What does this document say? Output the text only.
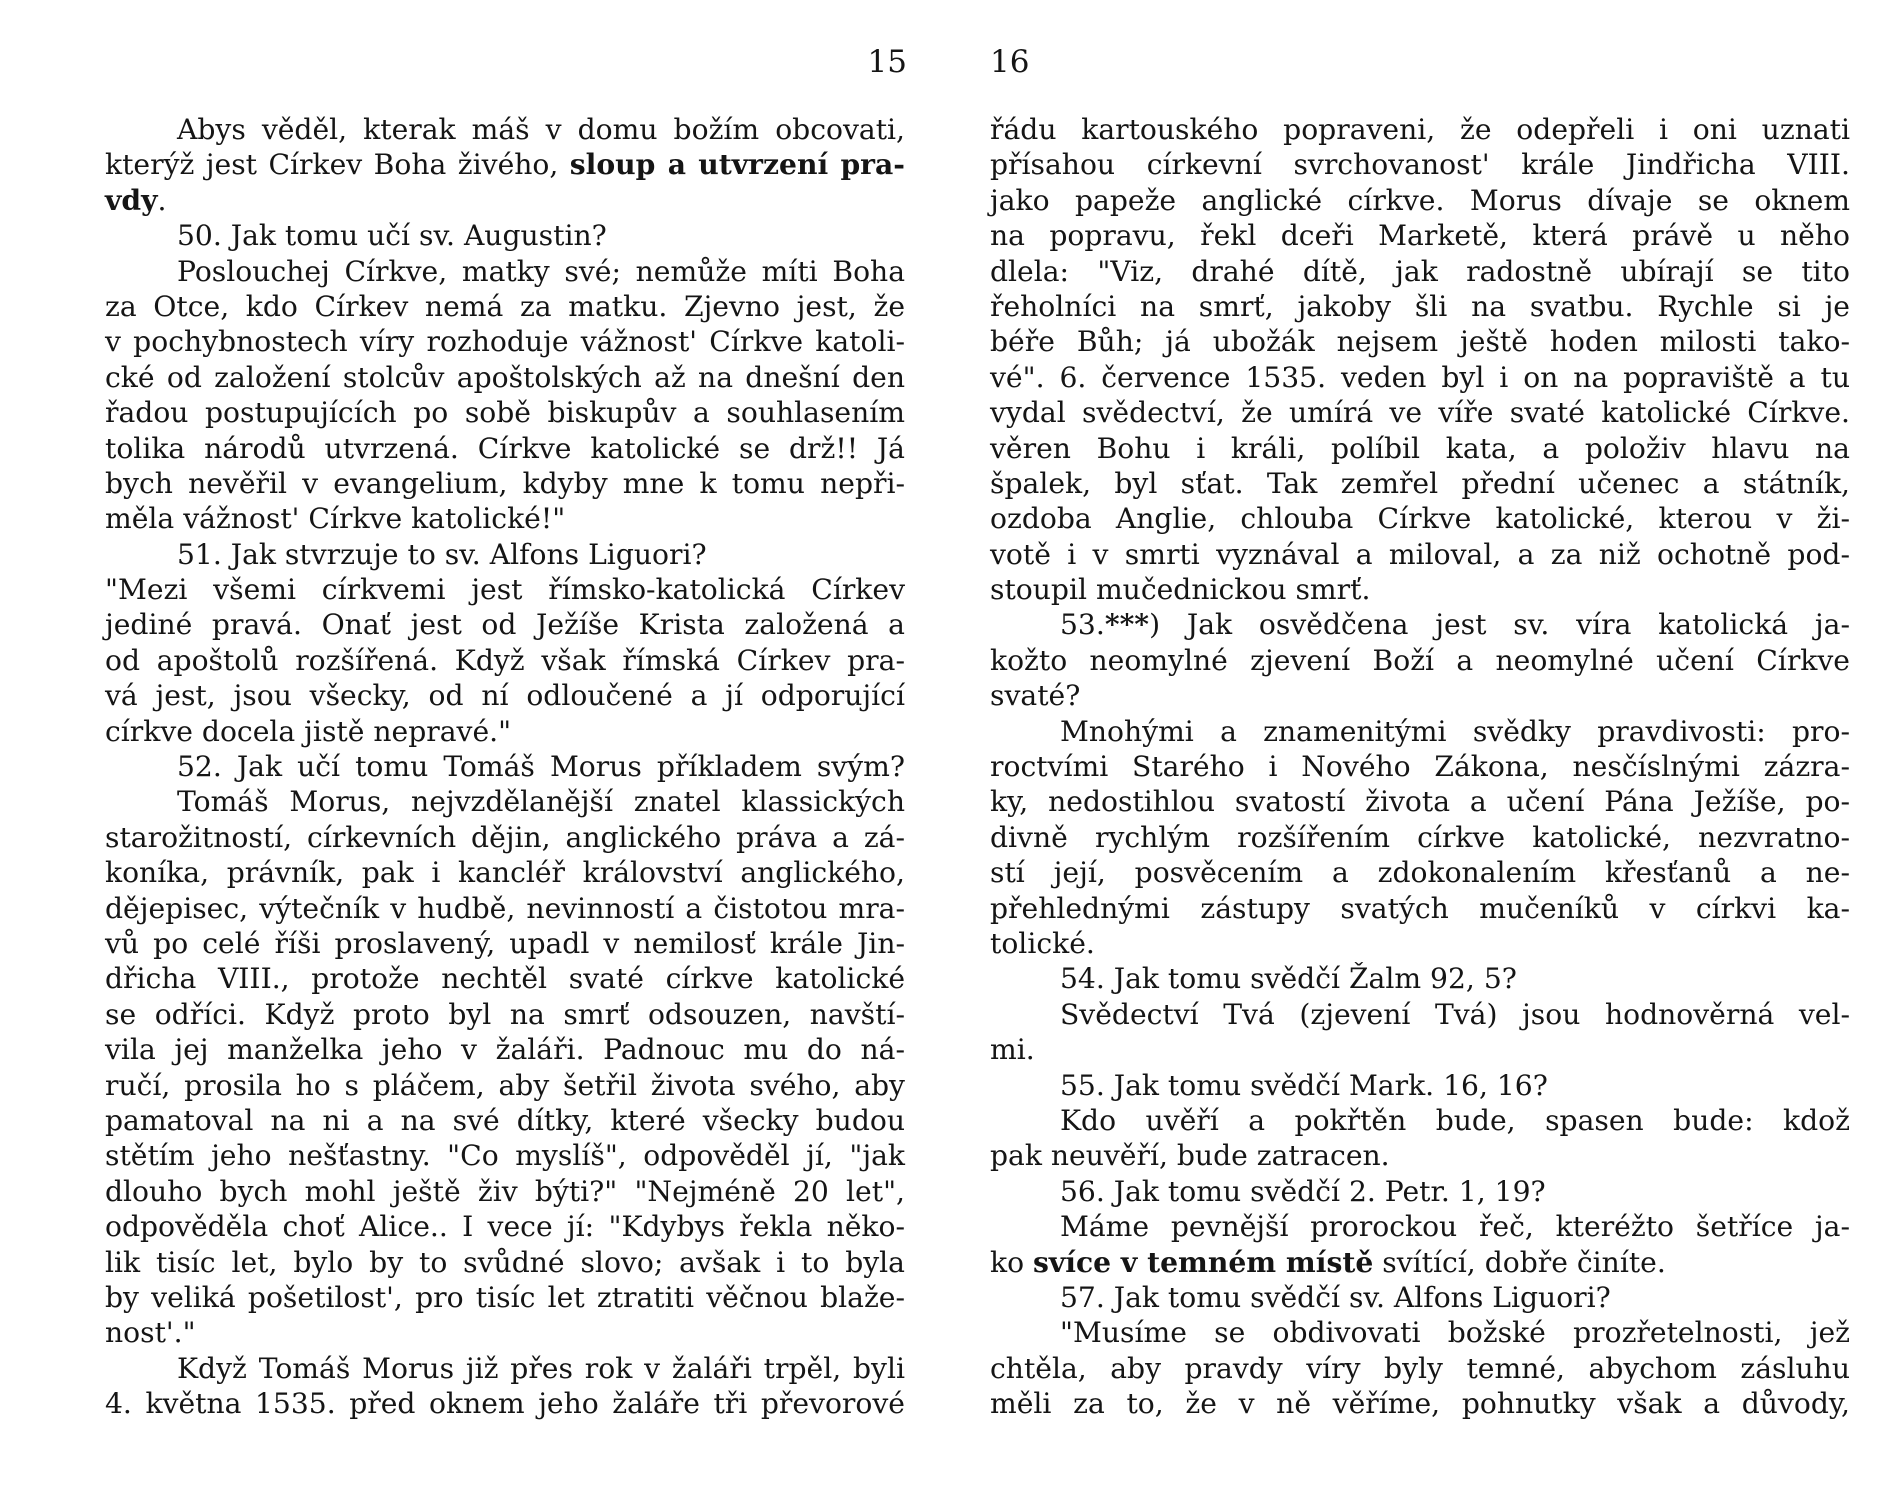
15
Abys věděl, kterak máš v domu božím obcovati,
kterýž jest Církev Boha živého, sloup a utvrzení pra-
vdy.
50. Jak tomu učí sv. Augustin?
Poslouchej Církve, matky své; nemůže míti Boha
za Otce, kdo Církev nemá za matku. Zjevno jest, že
v pochybnostech víry rozhoduje vážnost' Církve katoli-
cké od založení stolcův apoštolských až na dnešní den
řadou postupujících po sobě biskupův a souhlasením
tolika národů utvrzená. Církve katolické se drž!! Já
bych nevěřil v evangelium, kdyby mne k tomu nepři-
měla vážnost' Církve katolické!"
51. Jak stvrzuje to sv. Alfons Liguori?
"Mezi všemi církvemi jest římsko-katolická Církev
jediné pravá. Onať jest od Ježíše Krista založená a
od apoštolů rozšířená. Když však římská Církev pra-
vá jest, jsou všecky, od ní odloučené a jí odporující
církve docela jistě nepravé."
52. Jak učí tomu Tomáš Morus příkladem svým?
Tomáš Morus, nejvzdělanější znatel klassických
starožitností, církevních dějin, anglického práva a zá-
koníka, právník, pak i kancléř království anglického,
dějepisec, výtečník v hudbě, nevinností a čistotou mra-
vů po celé říši proslavený, upadl v nemilosť krále Jin-
dřicha VIII., protože nechtěl svaté církve katolické
se odříci. Když proto byl na smrť odsouzen, navští-
vila jej manželka jeho v žaláři. Padnouc mu do ná-
ručí, prosila ho s pláčem, aby šetřil života svého, aby
pamatoval na ni a na své dítky, které všecky budou
stětím jeho nešťastny. "Co myslíš", odpověděl jí, "jak
dlouho bych mohl ještě živ býti?" "Nejméně 20 let",
odpověděla choť Alice.. I vece jí: "Kdybys řekla něko-
lik tisíc let, bylo by to svůdné slovo; avšak i to byla
by veliká pošetilost', pro tisíc let ztratiti věčnou blaže-
nost'."
Když Tomáš Morus již přes rok v žaláři trpěl, byli
4. května 1535. před oknem jeho žaláře tři převorové
16
řádu kartouského popraveni, že odepřeli i oni uznati
přísahou církevní svrchovanost' krále Jindřicha VIII.
jako papeže anglické církve. Morus dívaje se oknem
na popravu, řekl dceři Marketě, která právě u něho
dlela: "Viz, drahé dítě, jak radostně ubírají se tito
řeholníci na smrť, jakoby šli na svatbu. Rychle si je
béře Bůh; já ubožák nejsem ještě hoden milosti tako-
vé". 6. července 1535. veden byl i on na popraviště a tu
vydal svědectví, že umírá ve víře svaté katolické Církve.
věren Bohu i králi, políbil kata, a položiv hlavu na
špalek, byl sťat. Tak zemřel přední učenec a státník,
ozdoba Anglie, chlouba Církve katolické, kterou v ži-
votě i v smrti vyznával a miloval, a za niž ochotně pod-
stoupil mučednickou smrť.
53.***) Jak osvědčena jest sv. víra katolická ja-
kožto neomylné zjevení Boží a neomylné učení Církve
svaté?
Mnohými a znamenitými svědky pravdivosti: pro-
roctvími Starého i Nového Zákona, nesčíslnými zázra-
ky, nedostihlou svatostí života a učení Pána Ježíše, po-
divně rychlým rozšířením církve katolické, nezvratno-
stí její, posvěcením a zdokonalením křesťanů a ne-
přehlednými zástupy svatých mučeníků v církvi ka-
tolické.
54. Jak tomu svědčí Žalm 92, 5?
Svědectví Tvá (zjevení Tvá) jsou hodnověrná vel-
mi.
55. Jak tomu svědčí Mark. 16, 16?
Kdo uvěří a pokřtěn bude, spasen bude: kdož
pak neuvěří, bude zatracen.
56. Jak tomu svědčí 2. Petr. 1, 19?
Máme pevnější prorockou řeč, kteréžto šetříce ja-
ko svíce v temném místě svítící, dobře činíte.
57. Jak tomu svědčí sv. Alfons Liguori?
"Musíme se obdivovati božské prozřetelnosti, jež
chtěla, aby pravdy víry byly temné, abychom zásluhu
měli za to, že v ně věříme, pohnutky však a důvody,
